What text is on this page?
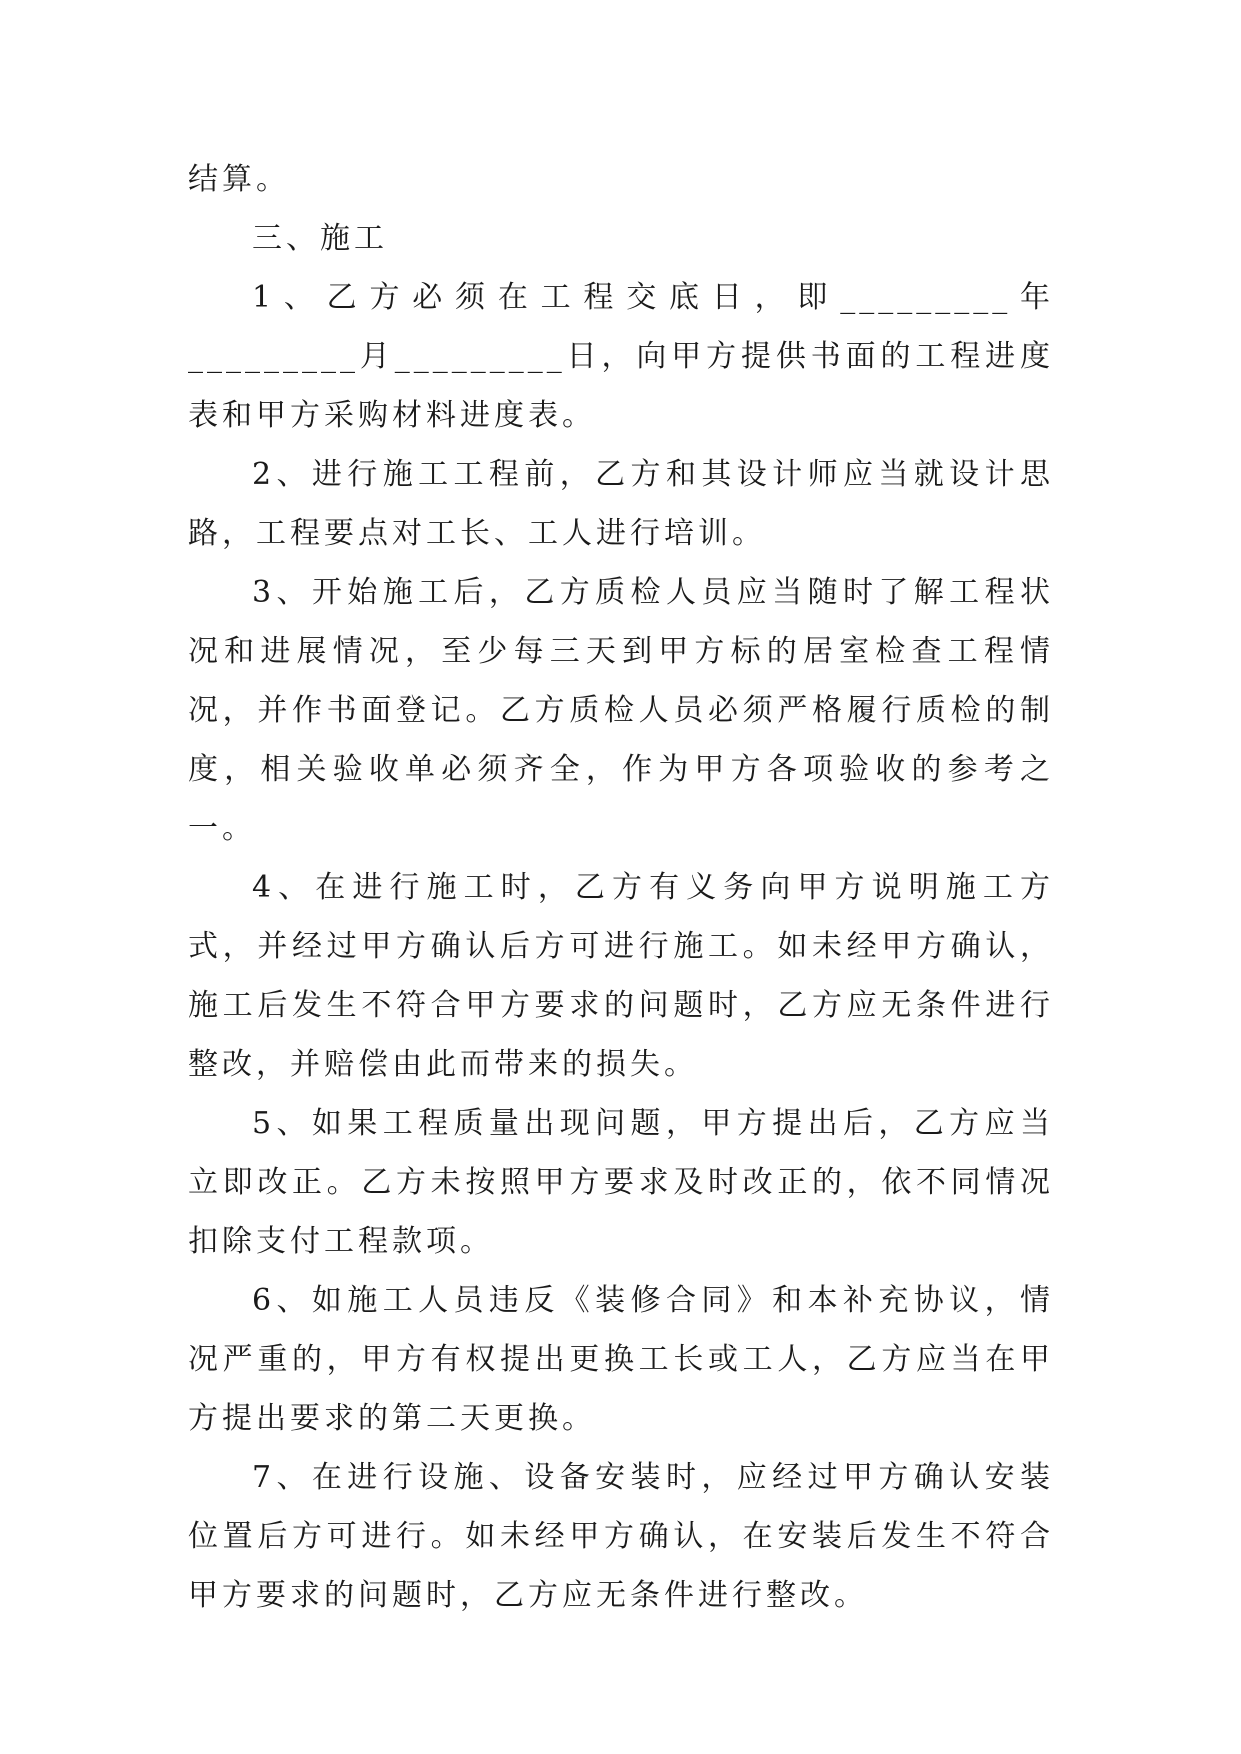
结算。

三、施工

1、乙方必须在工程交底日，即_________年_________月_________日，向甲方提供书面的工程进度表和甲方采购材料进度表。

2、进行施工工程前，乙方和其设计师应当就设计思路，工程要点对工长、工人进行培训。

3、开始施工后，乙方质检人员应当随时了解工程状况和进展情况，至少每三天到甲方标的居室检查工程情况，并作书面登记。乙方质检人员必须严格履行质检的制度，相关验收单必须齐全，作为甲方各项验收的参考之一。

4、在进行施工时，乙方有义务向甲方说明施工方式，并经过甲方确认后方可进行施工。如未经甲方确认，施工后发生不符合甲方要求的问题时，乙方应无条件进行整改，并赔偿由此而带来的损失。

5、如果工程质量出现问题，甲方提出后，乙方应当立即改正。乙方未按照甲方要求及时改正的，依不同情况扣除支付工程款项。

6、如施工人员违反《装修合同》和本补充协议，情况严重的，甲方有权提出更换工长或工人，乙方应当在甲方提出要求的第二天更换。

7、在进行设施、设备安装时，应经过甲方确认安装位置后方可进行。如未经甲方确认，在安装后发生不符合甲方要求的问题时，乙方应无条件进行整改。
